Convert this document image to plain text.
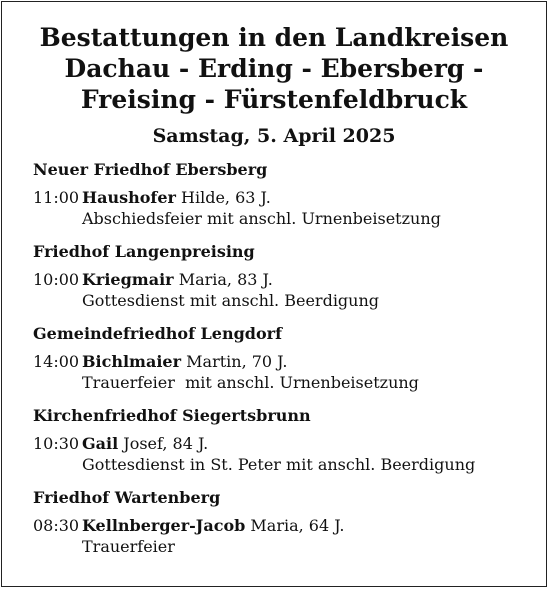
Bestattungen in den Landkreisen
Dachau - Erding - Ebersberg -
Freising - Fürstenfeldbruck
Samstag, 5. April 2025
Neuer Friedhof Ebersberg
11:00 Haushofer Hilde, 63 J.
Abschiedsfeier mit anschl. Urnenbeisetzung
Friedhof Langenpreising
10:00 Kriegmair Maria, 83 J.
Gottesdienst mit anschl. Beerdigung
Gemeindefriedhof Lengdorf
14:00 Bichlmaier Martin, 70 J.
Trauerfeier  mit anschl. Urnenbeisetzung
Kirchenfriedhof Siegertsbrunn
10:30 Gail Josef, 84 J.
Gottesdienst in St. Peter mit anschl. Beerdigung
Friedhof Wartenberg
08:30 Kellnberger-Jacob Maria, 64 J.
Trauerfeier
